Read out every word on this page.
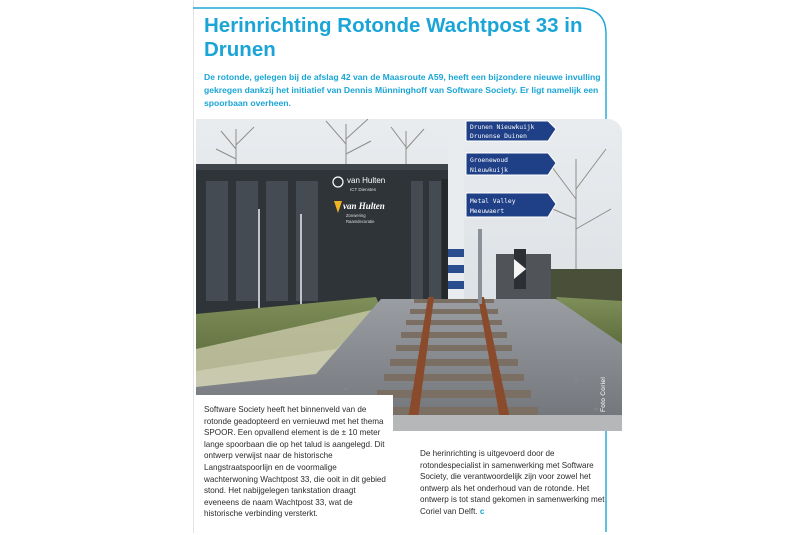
Herinrichting Rotonde Wachtpost 33 in Drunen

De rotonde, gelegen bij de afslag 42 van de Maasroute A59, heeft een bijzondere nieuwe invulling gekregen dankzij het initiatief van Dennis Münninghoff van Software Society. Er ligt namelijk een spoorbaan overheen.

van Hulten
ICT Diensten
van Hulten
Zonwering
Raamdecoratie
Drunen Nieuwkuijk
Drunense Duinen
Groenewoud
Nieuwkuijk
Metal Valley
Meeuwaert

Software Society heeft het binnenveld van de rotonde geadopteerd en vernieuwd met het thema SPOOR. Een opvallend element is de ± 10 meter lange spoorbaan die op het talud is aangelegd. Dit ontwerp verwijst naar de historische Langstraatspoorlijn en de voormalige wachterwoning Wachtpost 33, die ooit in dit gebied stond. Het nabijgelegen tankstation draagt eveneens de naam Wachtpost 33, wat de historische verbinding versterkt.

De herinrichting is uitgevoerd door de rotondespecialist in samenwerking met Software Society, die verantwoordelijk zijn voor zowel het ontwerp als het onderhoud van de rotonde. Het ontwerp is tot stand gekomen in samenwerking met Coriel van Delft. c

Foto Coriel
